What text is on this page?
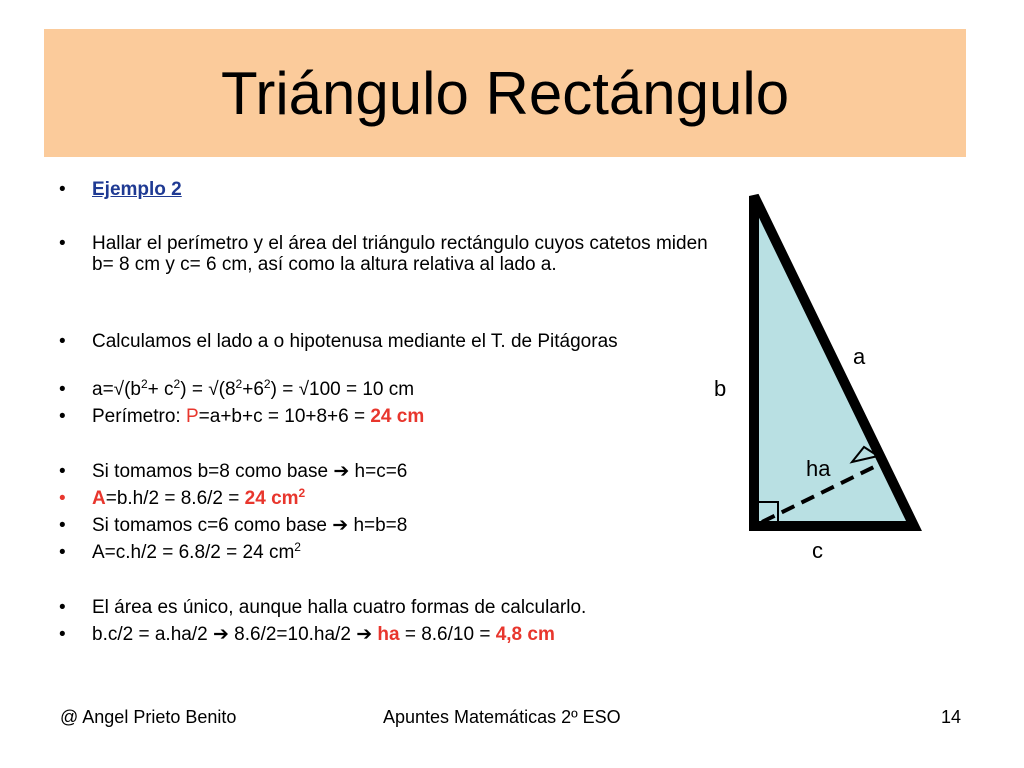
Triángulo Rectángulo
• Ejemplo 2
• Hallar el perímetro y el área del triángulo rectángulo cuyos catetos miden b= 8 cm y c= 6 cm, así como la altura relativa al lado a.
• Calculamos el lado a o hipotenusa mediante el T. de Pitágoras
• $a=√(b^2+ c^2) = √(8^2+6^2) = √100 = 10$ cm
• Perímetro: P=a+b+c = 10+8+6 = 24 cm
• Si tomamos b=8 como base ➔ h=c=6
• A=b.h/2 = 8.6/2 = 24 $cm^2$
• Si tomamos c=6 como base ➔ h=b=8
• A=c.h/2 = 6.8/2 = 24 $cm^2$
• El área es único, aunque halla cuatro formas de calcularlo.
• b.c/2 = a.ha/2 ➔ 8.6/2=10.ha/2 ➔ ha = 8.6/10 = 4,8 cm
a
b
ha
c
@ Angel Prieto Benito	Apuntes Matemáticas 2º ESO	14
